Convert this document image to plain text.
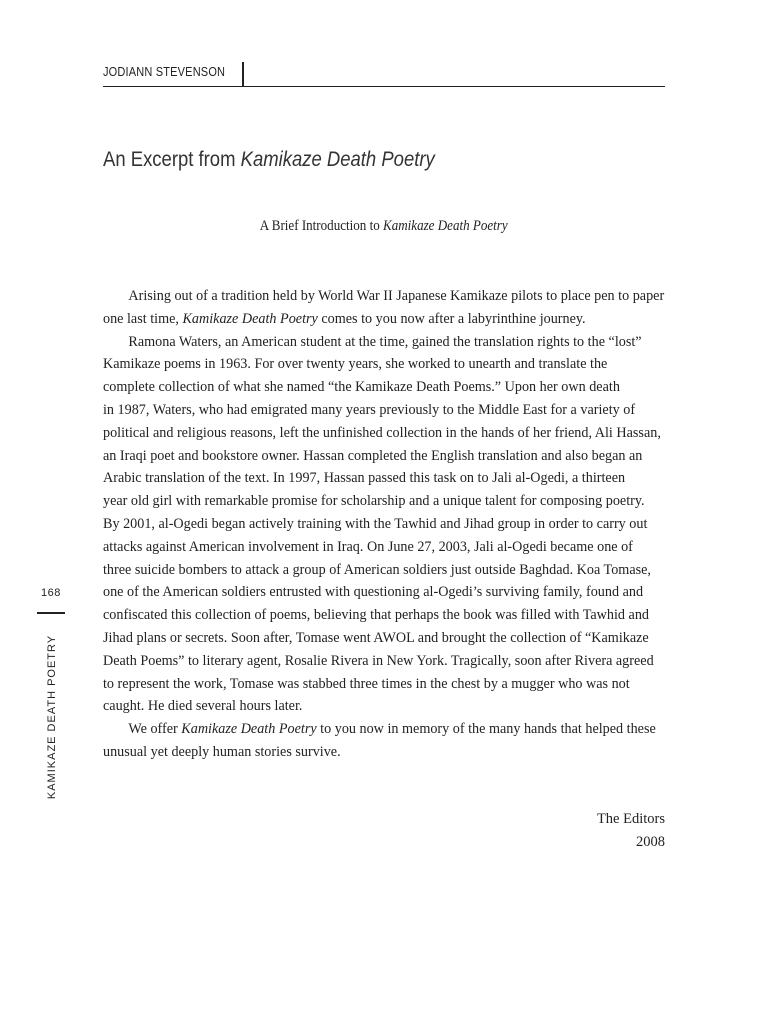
JODIANN STEVENSON
An Excerpt from Kamikaze Death Poetry
A Brief Introduction to Kamikaze Death Poetry
Arising out of a tradition held by World War II Japanese Kamikaze pilots to place pen to paper
one last time, Kamikaze Death Poetry comes to you now after a labyrinthine journey.
Ramona Waters, an American student at the time, gained the translation rights to the “lost”
Kamikaze poems in 1963. For over twenty years, she worked to unearth and translate the
complete collection of what she named “the Kamikaze Death Poems.” Upon her own death
in 1987, Waters, who had emigrated many years previously to the Middle East for a variety of
political and religious reasons, left the unfinished collection in the hands of her friend, Ali Hassan,
an Iraqi poet and bookstore owner. Hassan completed the English translation and also began an
Arabic translation of the text. In 1997, Hassan passed this task on to Jali al-Ogedi, a thirteen
year old girl with remarkable promise for scholarship and a unique talent for composing poetry.
By 2001, al-Ogedi began actively training with the Tawhid and Jihad group in order to carry out
attacks against American involvement in Iraq. On June 27, 2003, Jali al-Ogedi became one of
three suicide bombers to attack a group of American soldiers just outside Baghdad. Koa Tomase,
one of the American soldiers entrusted with questioning al-Ogedi’s surviving family, found and
confiscated this collection of poems, believing that perhaps the book was filled with Tawhid and
Jihad plans or secrets. Soon after, Tomase went AWOL and brought the collection of “Kamikaze
Death Poems” to literary agent, Rosalie Rivera in New York. Tragically, soon after Rivera agreed
to represent the work, Tomase was stabbed three times in the chest by a mugger who was not
caught. He died several hours later.
We offer Kamikaze Death Poetry to you now in memory of the many hands that helped these
unusual yet deeply human stories survive.
The Editors
2008
168
KAMIKAZE DEATH POETRY
